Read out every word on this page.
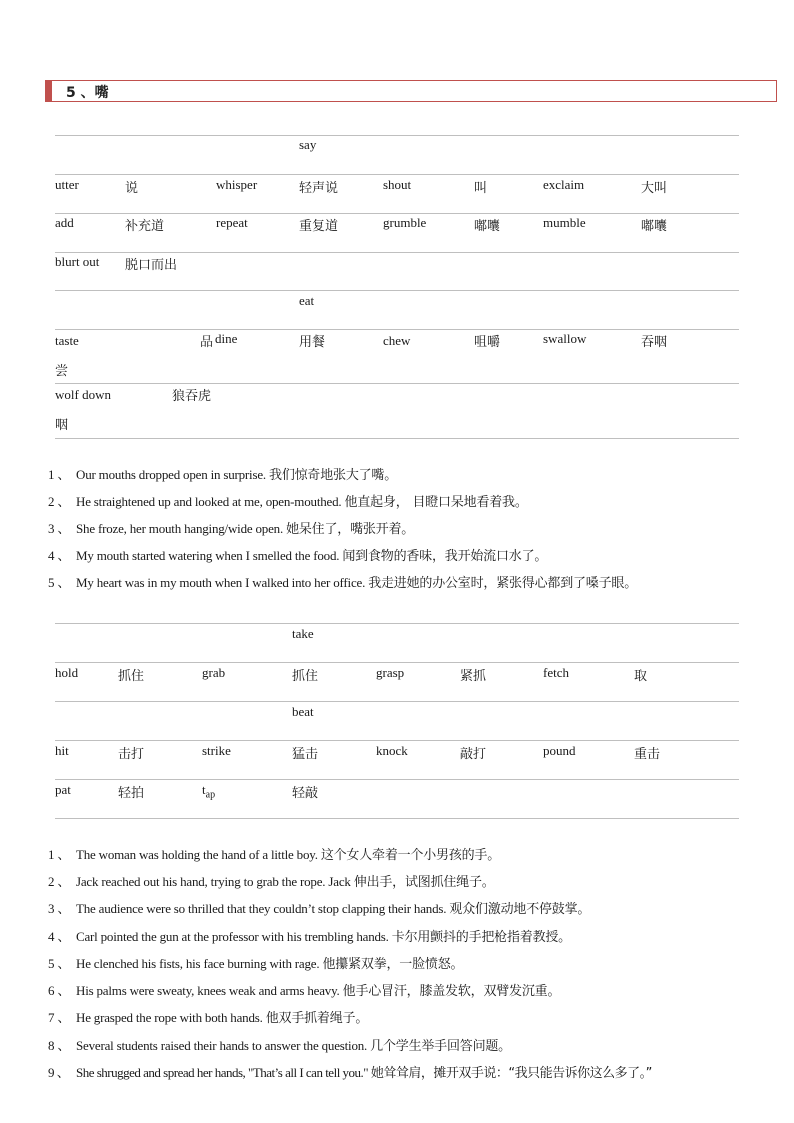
5 、嘴
say
utter	说	whisper	轻声说	shout	叫	exclaim	大叫
add	补充道	repeat	重复道	grumble	嘟囔	mumble	嘟囔
blurt out 脱口而出
eat
taste	品 dine	用餐	chew	咀嚼	swallow	吞咽
尝
wolf down	狼吞虎
咽
1 、 Our mouths dropped open in surprise. 我们惊奇地张大了嘴。
2 、 He straightened up and looked at me, open-mouthed. 他直起身， 目瞪口呆地看着我。
3 、 She froze, her mouth hanging/wide open. 她呆住了，嘴张开着。
4 、 My mouth started watering when I smelled the food. 闻到食物的香味，我开始流口水了。
5 、 My heart was in my mouth when I walked into her office. 我走进她的办公室时，紧张得心都到了嗓子眼。
take
hold	抓住	grab	抓住	grasp	紧抓	fetch	取
beat
hit	击打	strike	猛击	knock	敲打	pound	重击
pat	轻拍	$t_{ap}$	轻敲
1 、 The woman was holding the hand of a little boy. 这个女人牵着一个小男孩的手。
2 、 Jack reached out his hand, trying to grab the rope. Jack 伸出手，试图抓住绳子。
3 、 The audience were so thrilled that they couldn’t stop clapping their hands. 观众们激动地不停鼓掌。
4 、 Carl pointed the gun at the professor with his trembling hands. 卡尔用颤抖的手把枪指着教授。
5 、 He clenched his fists, his face burning with rage. 他攥紧双拳，一脸愤怒。
6 、 His palms were sweaty, knees weak and arms heavy. 他手心冒汗，膝盖发软，双臂发沉重。
7 、 He grasped the rope with both hands. 他双手抓着绳子。
8 、 Several students raised their hands to answer the question. 几个学生举手回答问题。
9 、 She shrugged and spread her hands, "That’s all I can tell you." 她耸耸肩，摊开双手说：“我只能告诉你这么多了。”
